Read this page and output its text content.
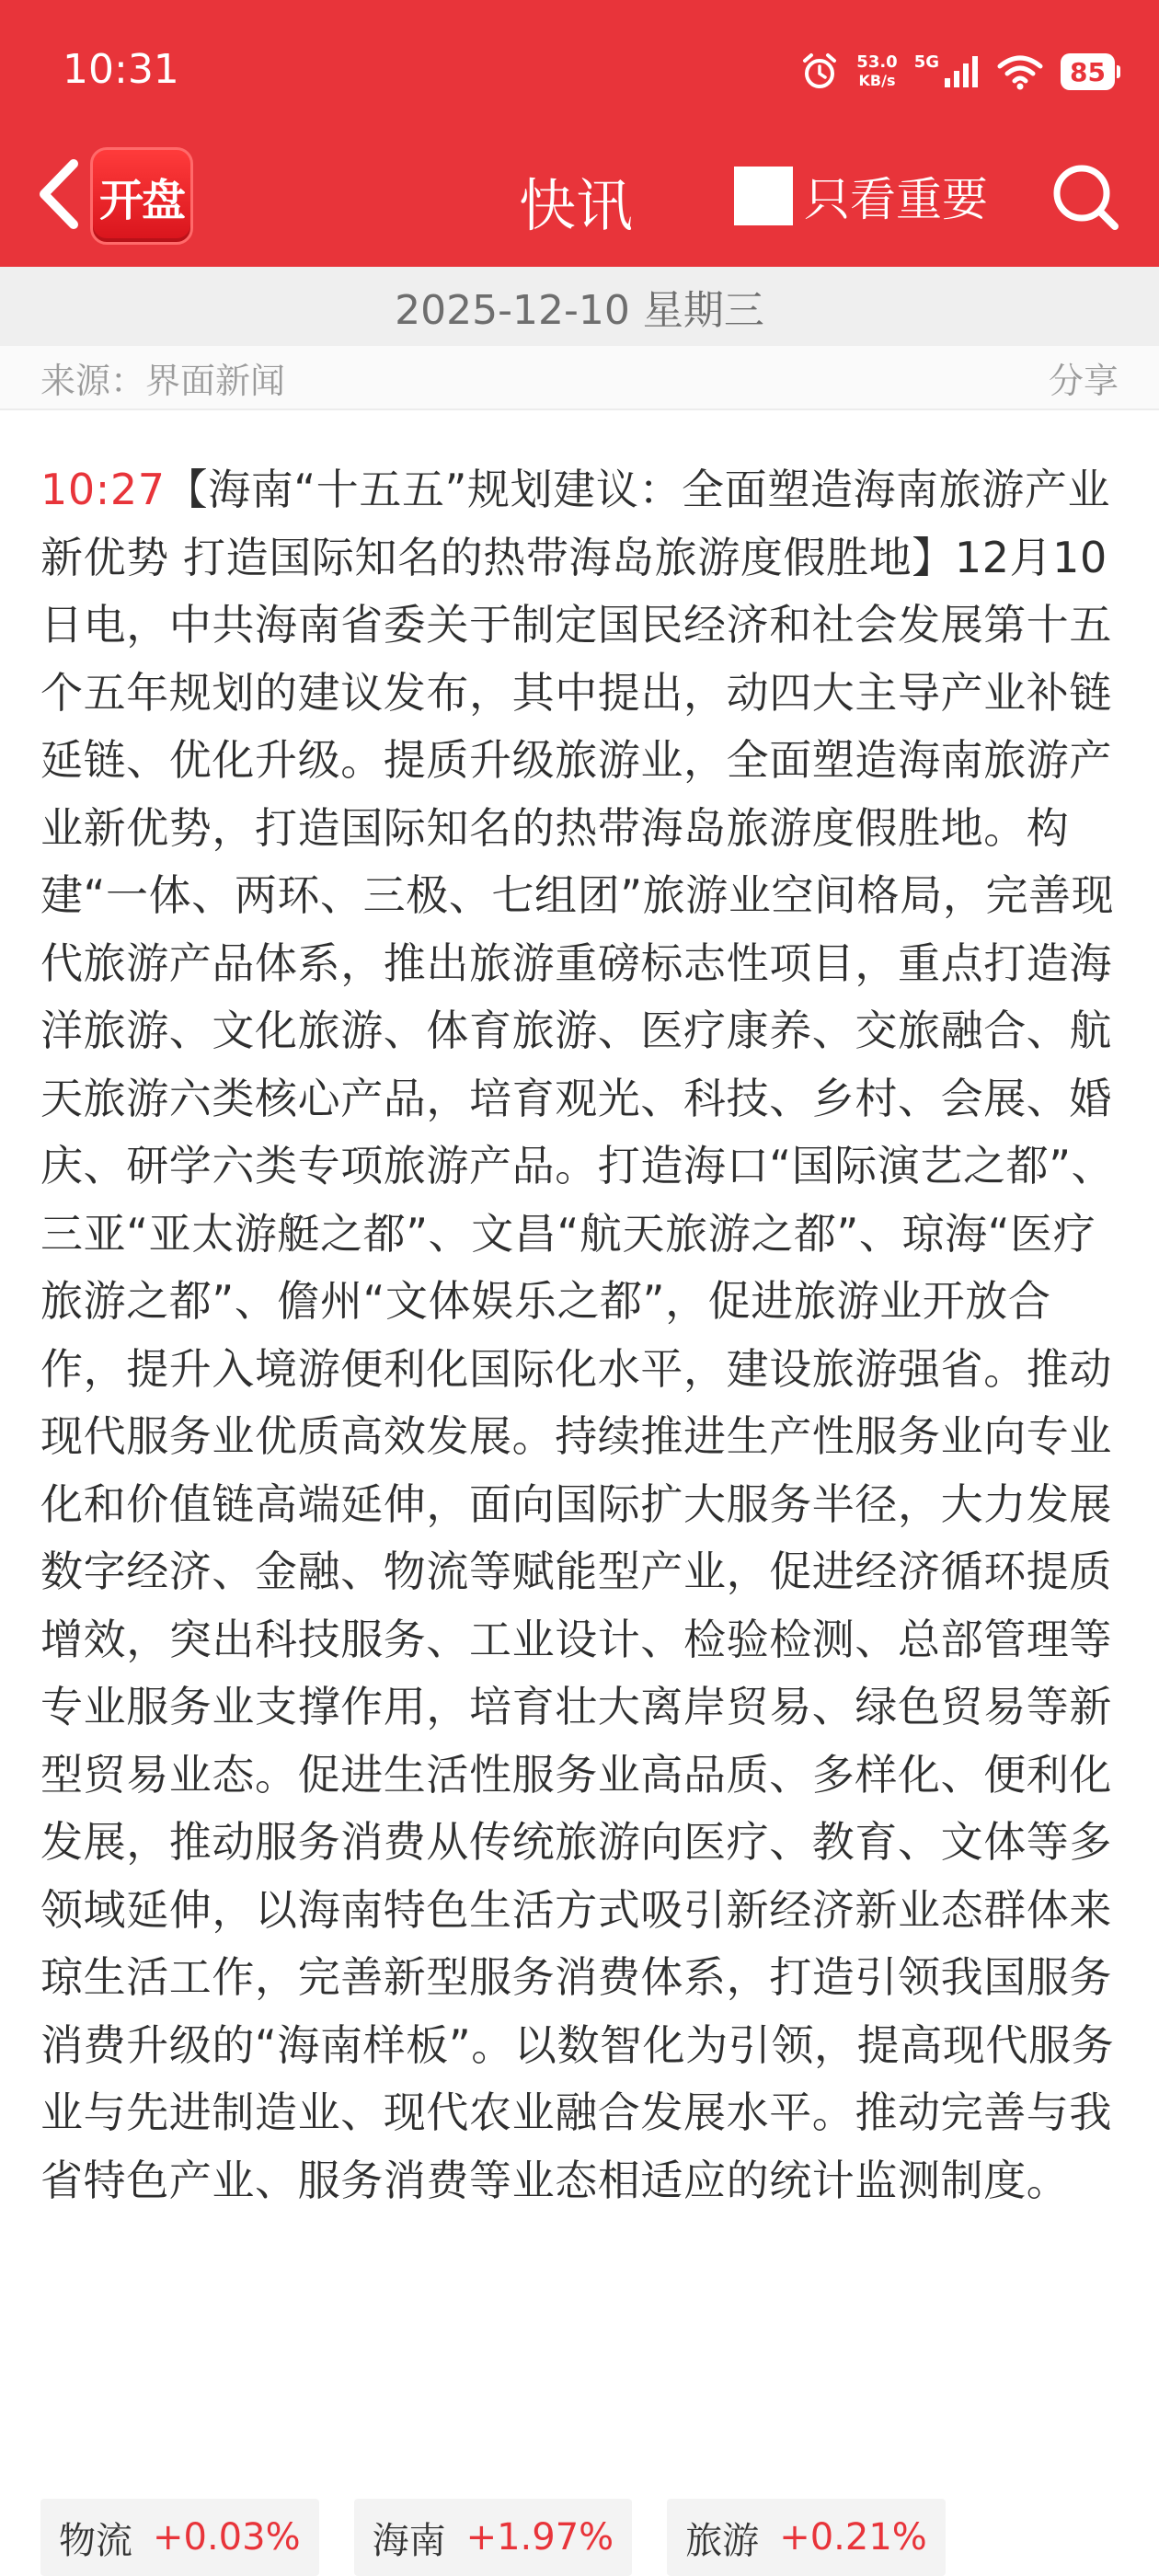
10:31	53.0
KB/s
5G	85
开盘	快讯	只看重要
2025-12-10 星期三
来源： 界面新闻	分享
10:27【海南“十五五”规划建议：全面塑造海南旅游产业新优势 打造国际知名的热带海岛旅游度假胜地】12月10日电，中共海南省委关于制定国民经济和社会发展第十五个五年规划的建议发布，其中提出，动四大主导产业补链延链、优化升级。提质升级旅游业，全面塑造海南旅游产业新优势，打造国际知名的热带海岛旅游度假胜地。构建“一体、两环、三极、七组团”旅游业空间格局，完善现代旅游产品体系，推出旅游重磅标志性项目，重点打造海洋旅游、文化旅游、体育旅游、医疗康养、交旅融合、航天旅游六类核心产品，培育观光、科技、乡村、会展、婚庆、研学六类专项旅游产品。打造海口“国际演艺之都”、三亚“亚太游艇之都”、文昌“航天旅游之都”、琼海“医疗旅游之都”、儋州“文体娱乐之都”，促进旅游业开放合作，提升入境游便利化国际化水平，建设旅游强省。推动现代服务业优质高效发展。持续推进生产性服务业向专业化和价值链高端延伸，面向国际扩大服务半径，大力发展数字经济、金融、物流等赋能型产业，促进经济循环提质增效，突出科技服务、工业设计、检验检测、总部管理等专业服务业支撑作用，培育壮大离岸贸易、绿色贸易等新型贸易业态。促进生活性服务业高品质、多样化、便利化发展，推动服务消费从传统旅游向医疗、教育、文体等多领域延伸，以海南特色生活方式吸引新经济新业态群体来琼生活工作，完善新型服务消费体系，打造引领我国服务消费升级的“海南样板”。以数智化为引领，提高现代服务业与先进制造业、现代农业融合发展水平。推动完善与我省特色产业、服务消费等业态相适应的统计监测制度。
物流 +0.03% 海南 +1.97% 旅游 +0.21%
